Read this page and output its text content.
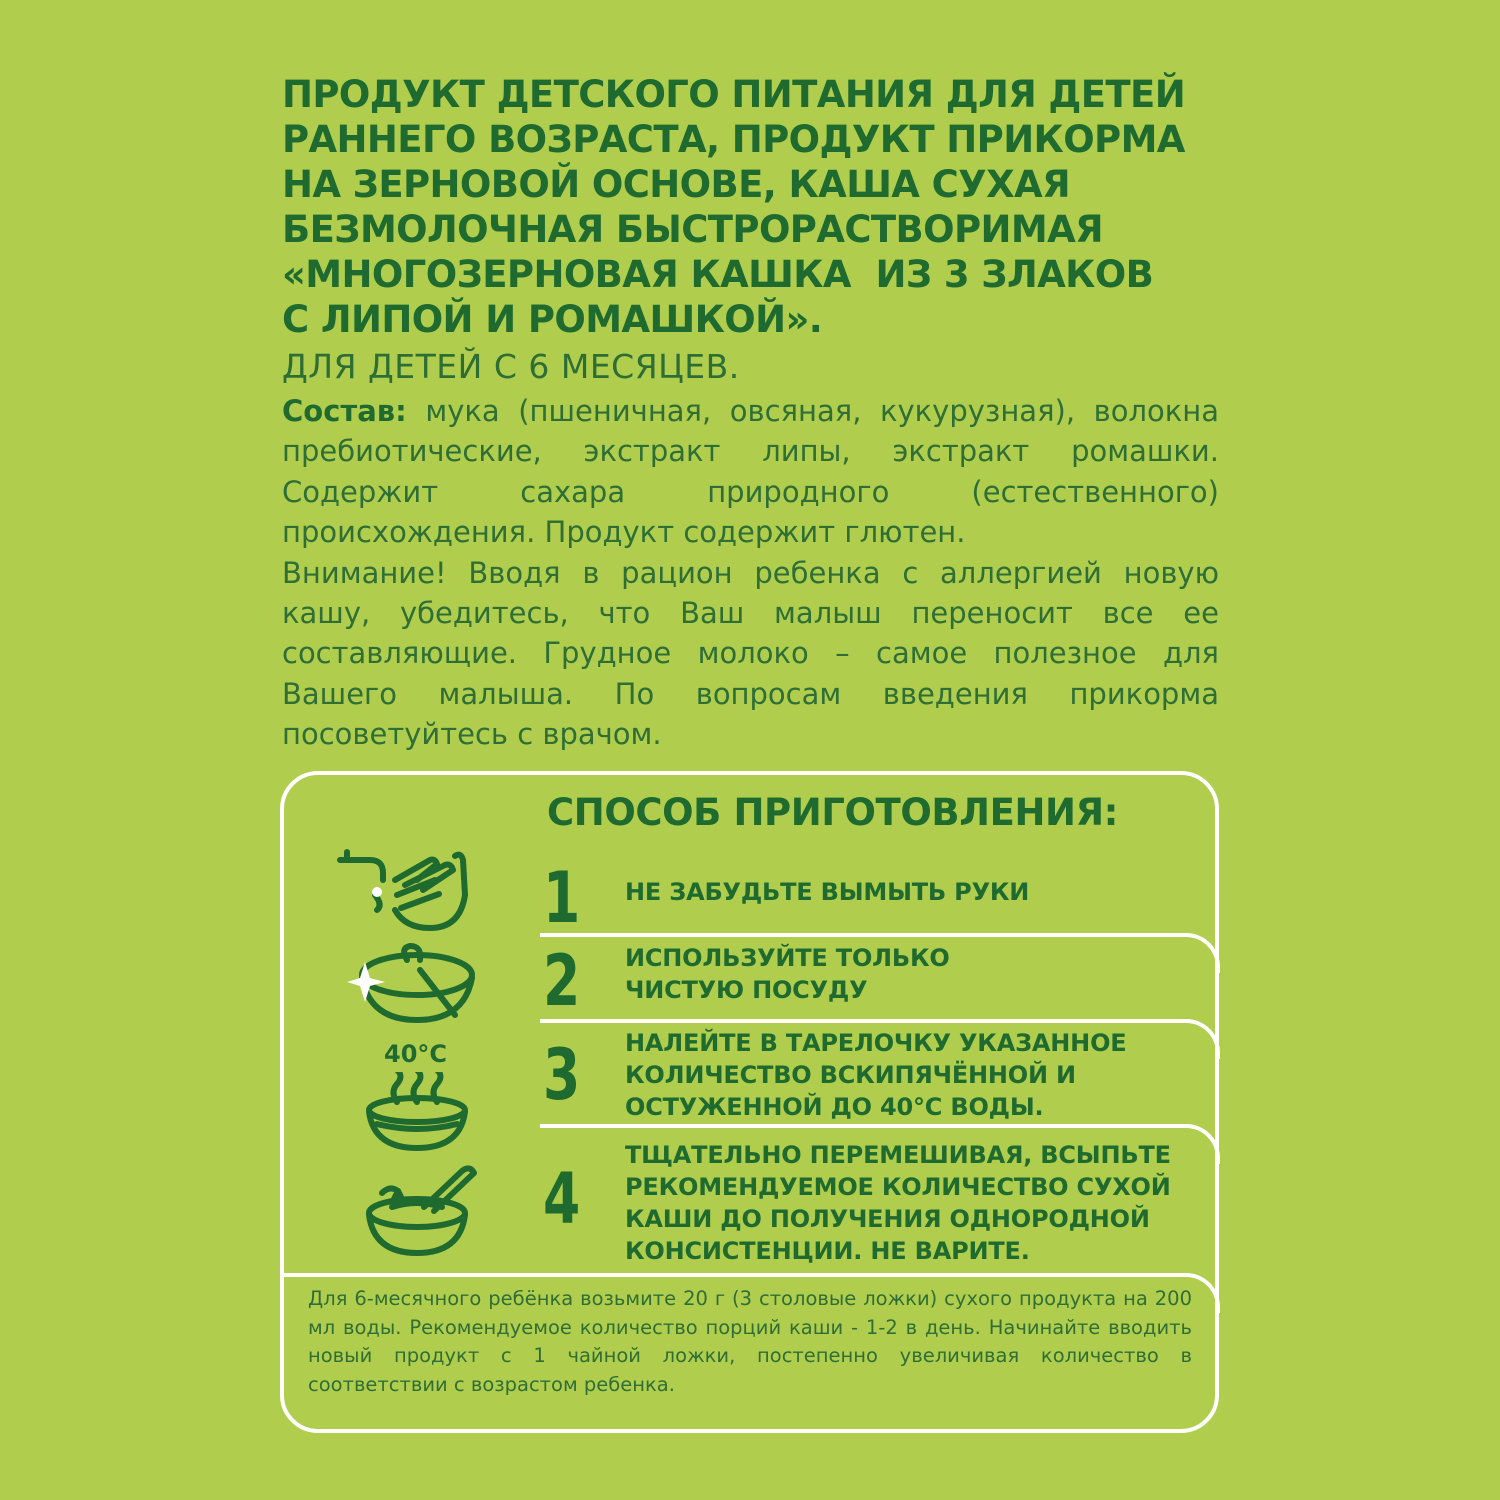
ПРОДУКТ ДЕТСКОГО ПИТАНИЯ ДЛЯ ДЕТЕЙ
РАННЕГО ВОЗРАСТА, ПРОДУКТ ПРИКОРМА
НА ЗЕРНОВОЙ ОСНОВЕ, КАША СУХАЯ
БЕЗМОЛОЧНАЯ БЫСТРОРАСТВОРИМАЯ
«МНОГОЗЕРНОВАЯ КАШКА  ИЗ 3 ЗЛАКОВ
С ЛИПОЙ И РОМАШКОЙ».
ДЛЯ ДЕТЕЙ С 6 МЕСЯЦЕВ.

Состав: мука (пшеничная, овсяная, кукурузная), волокна пребиотические, экстракт липы, экстракт ромашки. Содержит сахара природного (естественного) происхождения. Продукт содержит глютен.

Внимание! Вводя в рацион ребенка с аллергией новую кашу, убедитесь, что Ваш малыш переносит все ее составляющие. Грудное молоко – самое полезное для Вашего малыша. По вопросам введения прикорма посоветуйтесь с врачом.

СПОСОБ ПРИГОТОВЛЕНИЯ:
1
2
3
4
НЕ ЗАБУДЬТЕ ВЫМЫТЬ РУКИ
ИСПОЛЬЗУЙТЕ ТОЛЬКО
ЧИСТУЮ ПОСУДУ
НАЛЕЙТЕ В ТАРЕЛОЧКУ УКАЗАННОЕ
КОЛИЧЕСТВО ВСКИПЯЧЁННОЙ И
ОСТУЖЕННОЙ ДО 40°С ВОДЫ.
ТЩАТЕЛЬНО ПЕРЕМЕШИВАЯ, ВСЫПЬТЕ
РЕКОМЕНДУЕМОЕ КОЛИЧЕСТВО СУХОЙ
КАШИ ДО ПОЛУЧЕНИЯ ОДНОРОДНОЙ
КОНСИСТЕНЦИИ. НЕ ВАРИТЕ.
40°C
Для 6-месячного ребёнка возьмите 20 г (3 столовые ложки) сухого продукта на 200 мл воды. Рекомендуемое количество порций каши - 1-2 в день. Начинайте вводить новый продукт с 1 чайной ложки, постепенно увеличивая количество в соответствии с возрастом ребенка.
